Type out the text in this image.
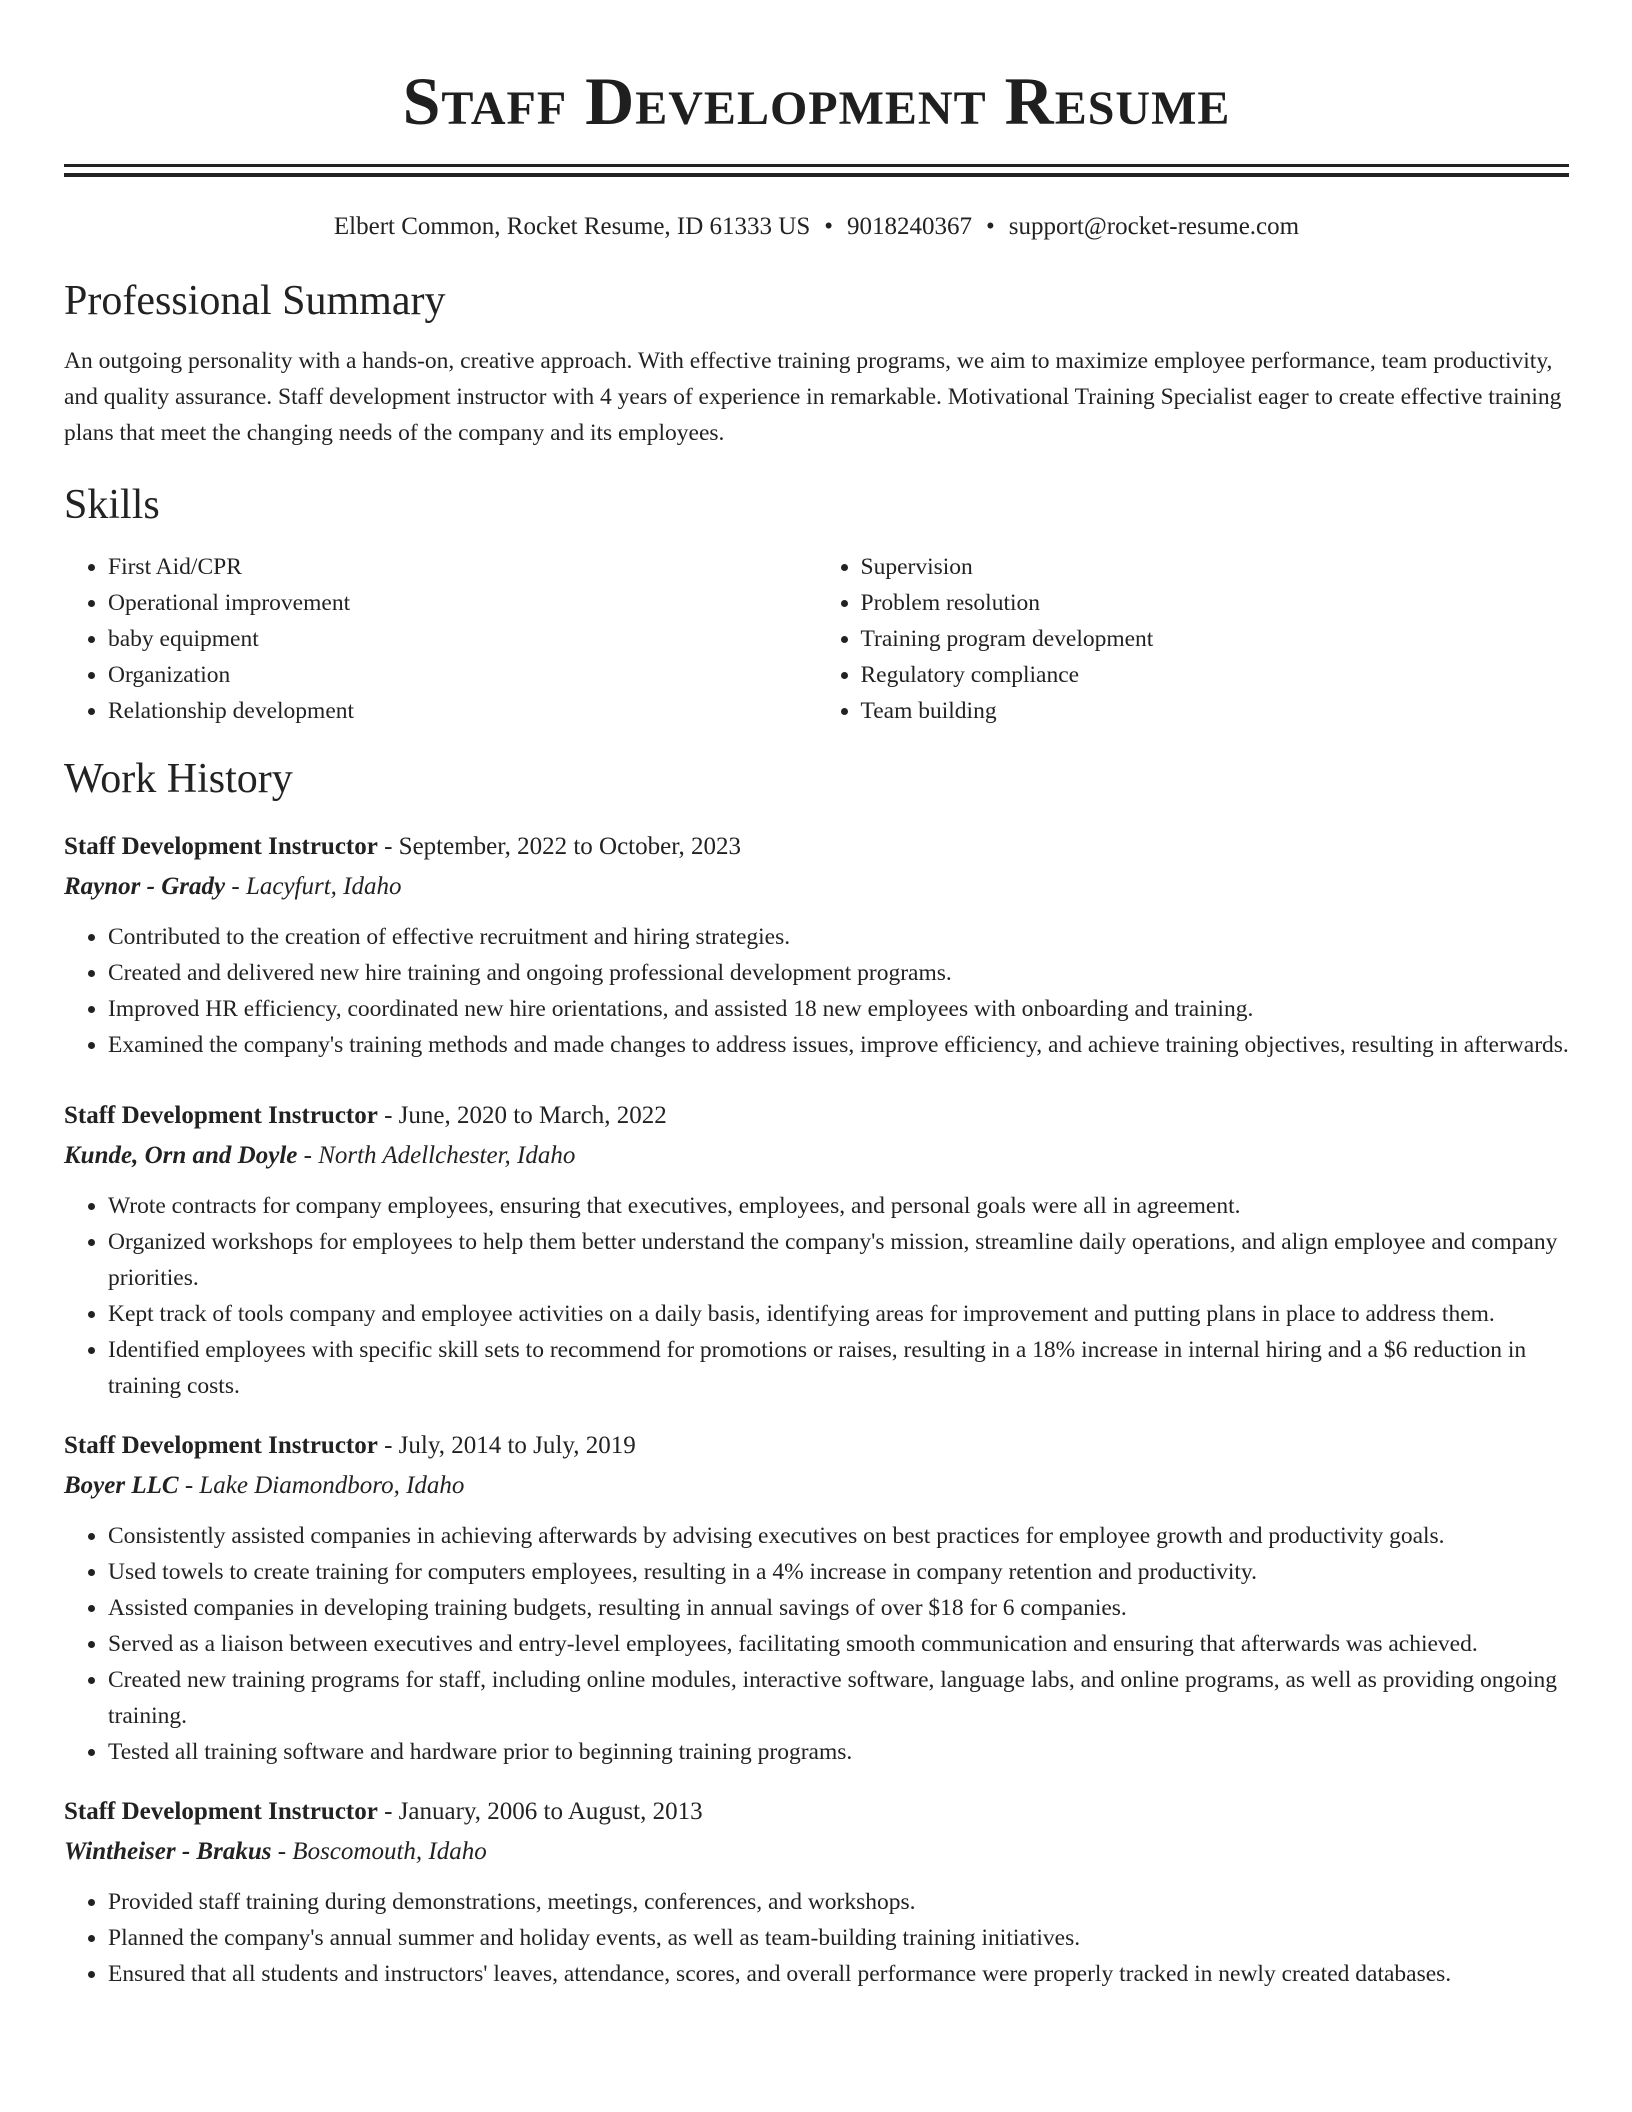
Staff Development Resume
Elbert Common, Rocket Resume, ID 61333 US • 9018240367 • support@rocket-resume.com
Professional Summary

An outgoing personality with a hands-on, creative approach. With effective training programs, we aim to maximize employee performance, team productivity, and quality assurance. Staff development instructor with 4 years of experience in remarkable. Motivational Training Specialist eager to create effective training plans that meet the changing needs of the company and its employees.

Skills
• First Aid/CPR
• Operational improvement
• baby equipment
• Organization
• Relationship development
• Supervision
• Problem resolution
• Training program development
• Regulatory compliance
• Team building
Work History
Staff Development Instructor - September, 2022 to October, 2023
Raynor - Grady - Lacyfurt, Idaho
• Contributed to the creation of effective recruitment and hiring strategies.
• Created and delivered new hire training and ongoing professional development programs.
• Improved HR efficiency, coordinated new hire orientations, and assisted 18 new employees with onboarding and training.
• Examined the company's training methods and made changes to address issues, improve efficiency, and achieve training objectives, resulting in afterwards.
Staff Development Instructor - June, 2020 to March, 2022
Kunde, Orn and Doyle - North Adellchester, Idaho
• Wrote contracts for company employees, ensuring that executives, employees, and personal goals were all in agreement.
• Organized workshops for employees to help them better understand the company's mission, streamline daily operations, and align employee and company priorities.
• Kept track of tools company and employee activities on a daily basis, identifying areas for improvement and putting plans in place to address them.
• Identified employees with specific skill sets to recommend for promotions or raises, resulting in a 18% increase in internal hiring and a $6 reduction in training costs.
Staff Development Instructor - July, 2014 to July, 2019
Boyer LLC - Lake Diamondboro, Idaho
• Consistently assisted companies in achieving afterwards by advising executives on best practices for employee growth and productivity goals.
• Used towels to create training for computers employees, resulting in a 4% increase in company retention and productivity.
• Assisted companies in developing training budgets, resulting in annual savings of over $18 for 6 companies.
• Served as a liaison between executives and entry-level employees, facilitating smooth communication and ensuring that afterwards was achieved.
• Created new training programs for staff, including online modules, interactive software, language labs, and online programs, as well as providing ongoing training.
• Tested all training software and hardware prior to beginning training programs.
Staff Development Instructor - January, 2006 to August, 2013
Wintheiser - Brakus - Boscomouth, Idaho
• Provided staff training during demonstrations, meetings, conferences, and workshops.
• Planned the company's annual summer and holiday events, as well as team-building training initiatives.
• Ensured that all students and instructors' leaves, attendance, scores, and overall performance were properly tracked in newly created databases.
